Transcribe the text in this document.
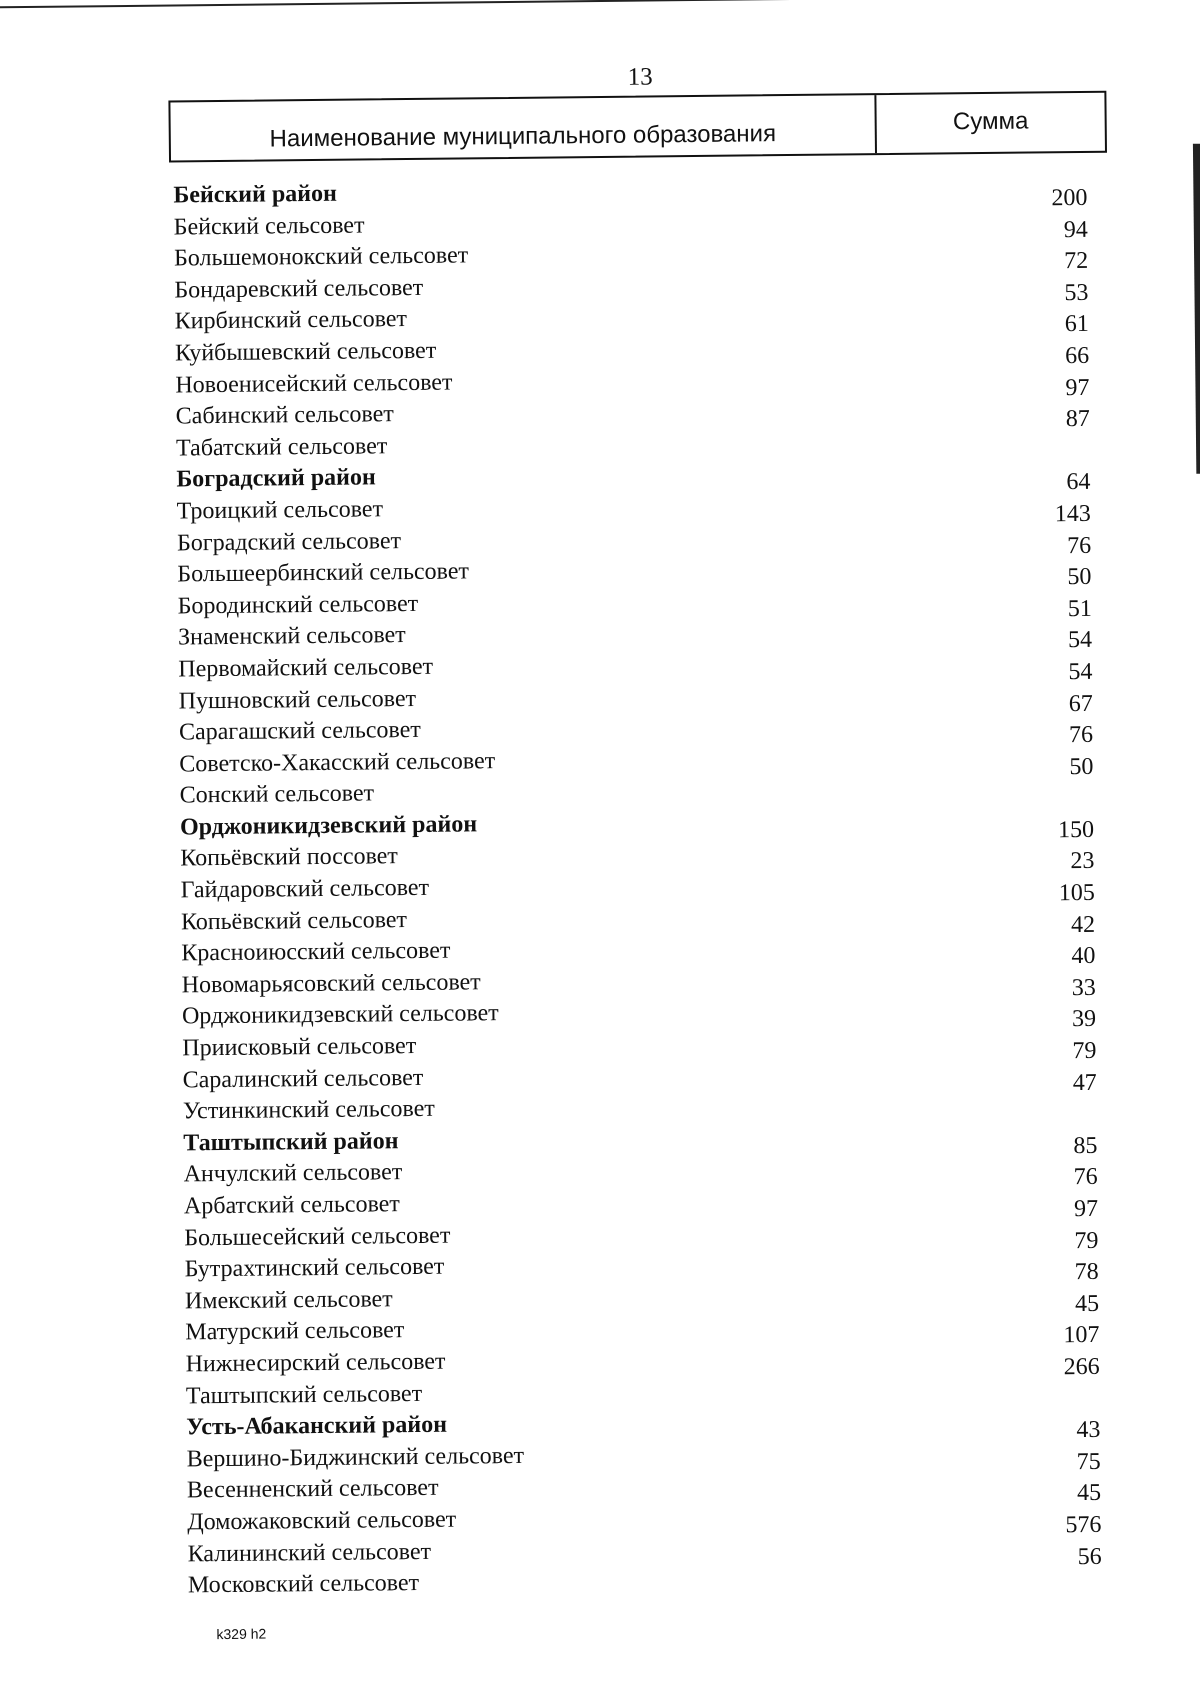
13
Наименование муниципального образования	Сумма
Бейский район	200
Бейский сельсовет	94
Большемонокский сельсовет	72
Бондаревский сельсовет	53
Кирбинский сельсовет	61
Куйбышевский сельсовет	66
Новоенисейский сельсовет	97
Сабинский сельсовет	87
Табатский сельсовет
Боградский район	64
Троицкий сельсовет	143
Боградский сельсовет	76
Большеербинский сельсовет	50
Бородинский сельсовет	51
Знаменский сельсовет	54
Первомайский сельсовет	54
Пушновский сельсовет	67
Сарагашский сельсовет	76
Советско-Хакасский сельсовет	50
Сонский сельсовет
Орджоникидзевский район	150
Копьёвский поссовет	23
Гайдаровский сельсовет	105
Копьёвский сельсовет	42
Красноиюсский сельсовет	40
Новомарьясовский сельсовет	33
Орджоникидзевский сельсовет	39
Приисковый сельсовет	79
Саралинский сельсовет	47
Устинкинский сельсовет
Таштыпский район	85
Анчулский сельсовет	76
Арбатский сельсовет	97
Большесейский сельсовет	79
Бутрахтинский сельсовет	78
Имекский сельсовет	45
Матурский сельсовет	107
Нижнесирский сельсовет	266
Таштыпский сельсовет
Усть-Абаканский район	43
Вершино-Биджинский сельсовет	75
Весенненский сельсовет	45
Доможаковский сельсовет	576
Калининский сельсовет	56
Московский сельсовет
k329 h2
